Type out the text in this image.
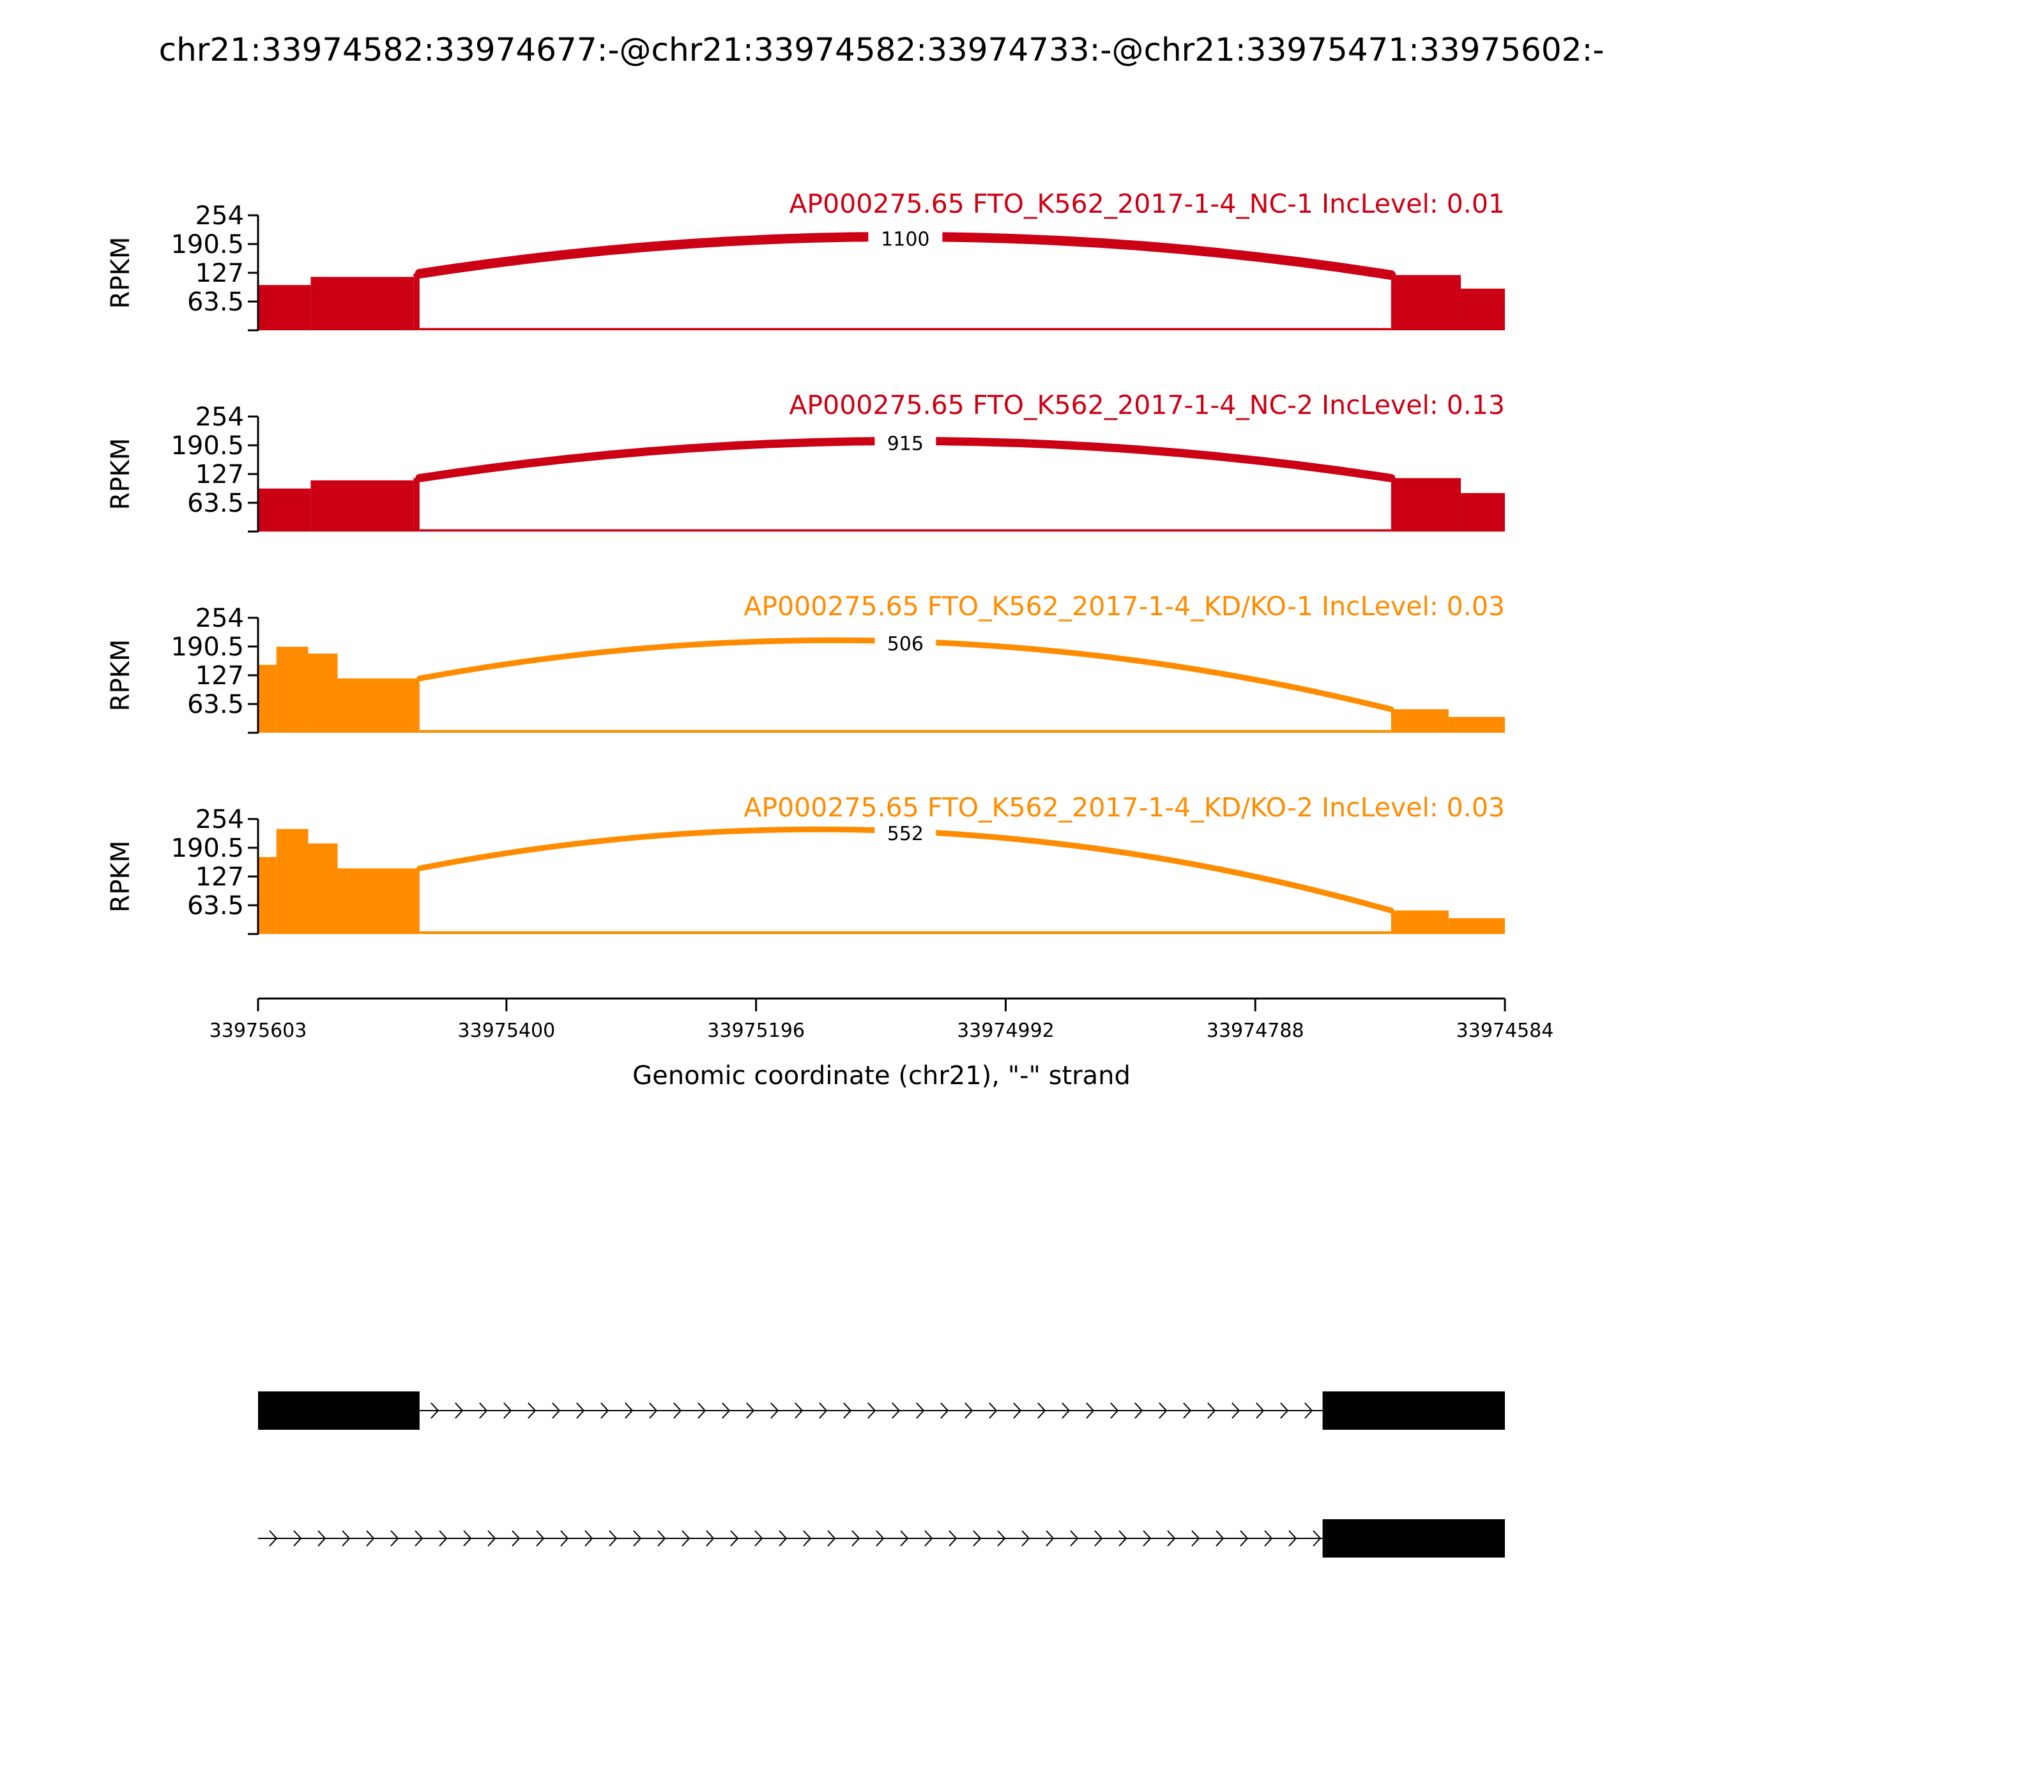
chr21:33974582:33974677:-@chr21:33974582:33974733:-@chr21:33975471:33975602:-
1100
254
190.5
127
63.5
RPKM
AP000275.65 FTO_K562_2017-1-4_NC-1 IncLevel: 0.01
915
254
190.5
127
63.5
RPKM
AP000275.65 FTO_K562_2017-1-4_NC-2 IncLevel: 0.13
506
254
190.5
127
63.5
RPKM
AP000275.65 FTO_K562_2017-1-4_KD/KO-1 IncLevel: 0.03
552
254
190.5
127
63.5
RPKM
AP000275.65 FTO_K562_2017-1-4_KD/KO-2 IncLevel: 0.03
33975603	33975400	33975196	33974992	33974788	33974584
Genomic coordinate (chr21), "-" strand
